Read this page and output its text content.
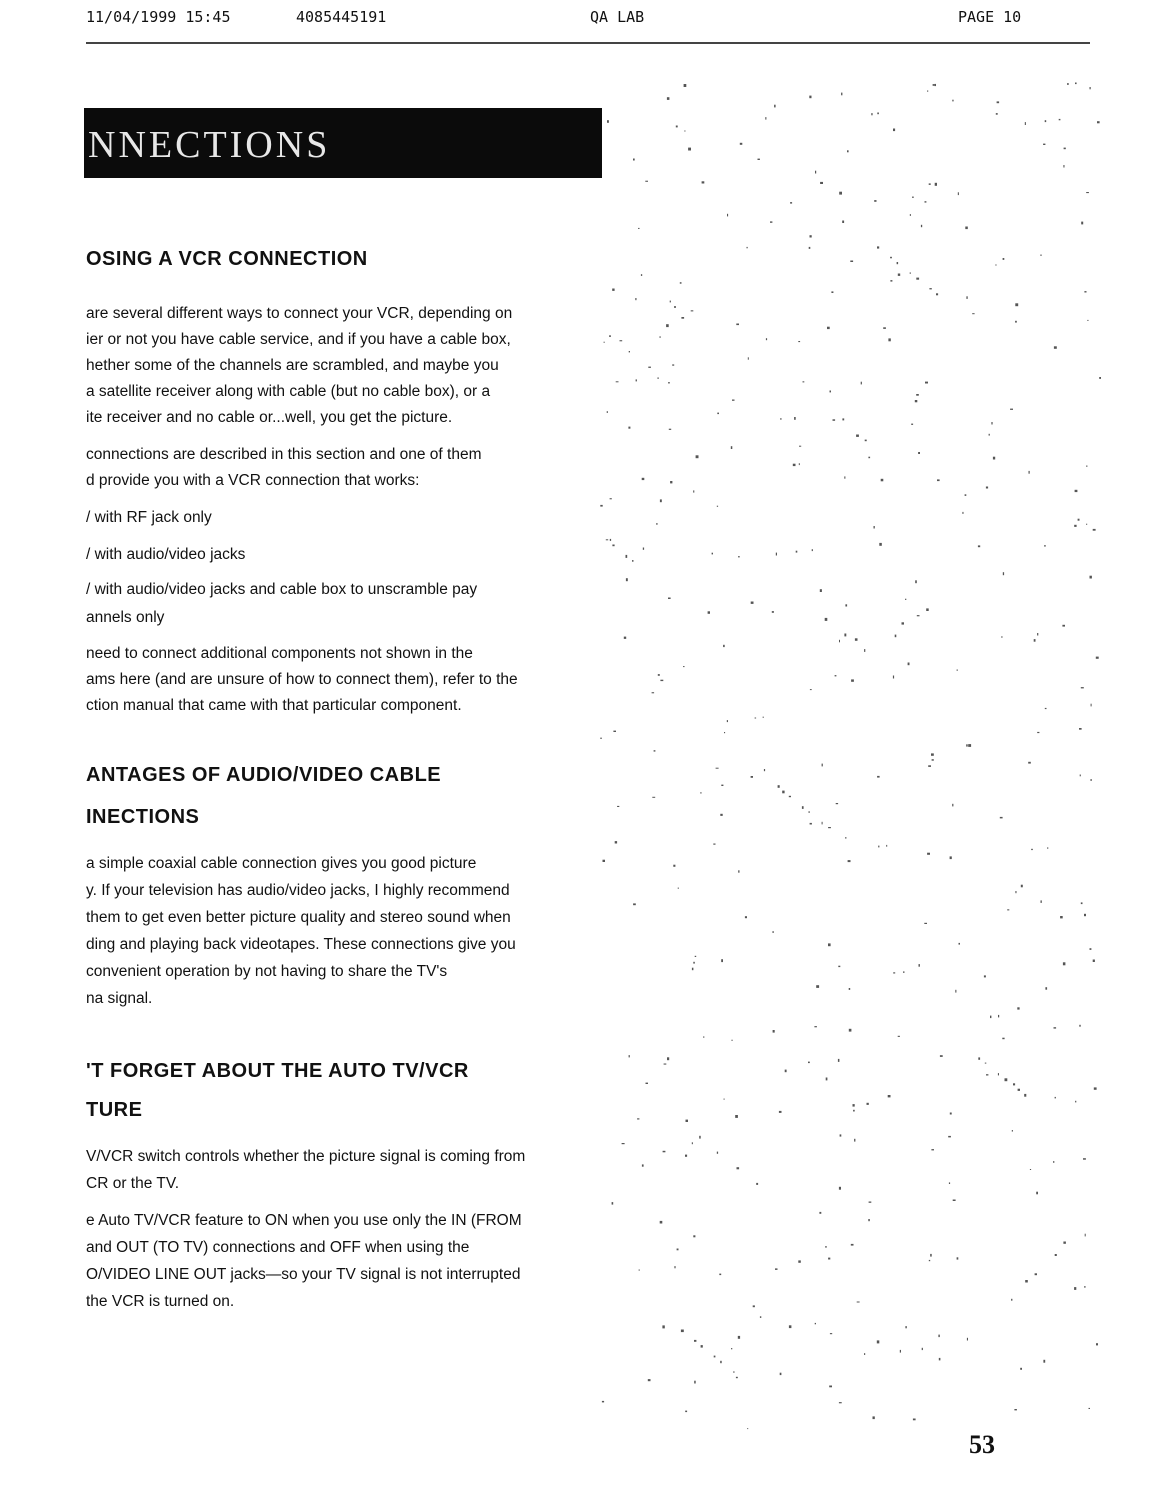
11/04/1999 15:45	4085445191	QA LAB	PAGE 10
NNECTIONS
OSING A VCR CONNECTION
are several different ways to connect your VCR, depending on
ier or not you have cable service, and if you have a cable box,
hether some of the channels are scrambled, and maybe you
a satellite receiver along with cable (but no cable box), or a
ite receiver and no cable or...well, you get the picture.
connections are described in this section and one of them
d provide you with a VCR connection that works:
/ with RF jack only
/ with audio/video jacks
/ with audio/video jacks and cable box to unscramble pay
annels only
need to connect additional components not shown in the
ams here (and are unsure of how to connect them), refer to the
ction manual that came with that particular component.
ANTAGES OF AUDIO/VIDEO CABLE
INECTIONS
a simple coaxial cable connection gives you good picture
y. If your television has audio/video jacks, I highly recommend
them to get even better picture quality and stereo sound when
ding and playing back videotapes. These connections give you
convenient operation by not having to share the TV's
na signal.
'T FORGET ABOUT THE AUTO TV/VCR
TURE
V/VCR switch controls whether the picture signal is coming from
CR or the TV.
e Auto TV/VCR feature to ON when you use only the IN (FROM
and OUT (TO TV) connections and OFF when using the
O/VIDEO LINE OUT jacks—so your TV signal is not interrupted
the VCR is turned on.
53
